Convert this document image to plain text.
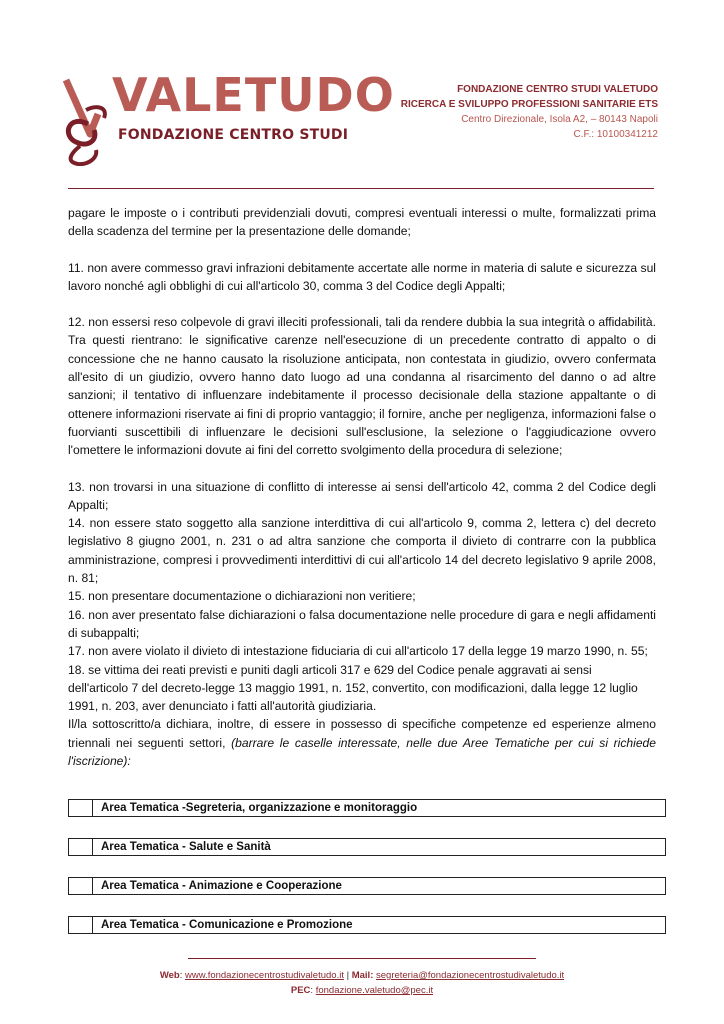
VALETUDO
FONDAZIONE CENTRO STUDI
FONDAZIONE CENTRO STUDI VALETUDO
RICERCA E SVILUPPO PROFESSIONI SANITARIE ETS
Centro Direzionale, Isola A2, – 80143 Napoli
C.F.: 10100341212

pagare le imposte o i contributi previdenziali dovuti, compresi eventuali interessi o multe, formalizzati prima della scadenza del termine per la presentazione delle domande;

11. non avere commesso gravi infrazioni debitamente accertate alle norme in materia di salute e sicurezza sul lavoro nonché agli obblighi di cui all'articolo 30, comma 3 del Codice degli Appalti;

12. non essersi reso colpevole di gravi illeciti professionali, tali da rendere dubbia la sua integrità o affidabilità. Tra questi rientrano: le significative carenze nell'esecuzione di un precedente contratto di appalto o di concessione che ne hanno causato la risoluzione anticipata, non contestata in giudizio, ovvero confermata all'esito di un giudizio, ovvero hanno dato luogo ad una condanna al risarcimento del danno o ad altre sanzioni; il tentativo di influenzare indebitamente il processo decisionale della stazione appaltante o di ottenere informazioni riservate ai fini di proprio vantaggio; il fornire, anche per negligenza, informazioni false o fuorvianti suscettibili di influenzare le decisioni sull'esclusione, la selezione o l'aggiudicazione ovvero l'omettere le informazioni dovute ai fini del corretto svolgimento della procedura di selezione;

13. non trovarsi in una situazione di conflitto di interesse ai sensi dell'articolo 42, comma 2 del Codice degli Appalti;

14. non essere stato soggetto alla sanzione interdittiva di cui all'articolo 9, comma 2, lettera c) del decreto legislativo 8 giugno 2001, n. 231 o ad altra sanzione che comporta il divieto di contrarre con la pubblica amministrazione, compresi i provvedimenti interdittivi di cui all'articolo 14 del decreto legislativo 9 aprile 2008, n. 81;

15. non presentare documentazione o dichiarazioni non veritiere;

16. non aver presentato false dichiarazioni o falsa documentazione nelle procedure di gara e negli affidamenti di subappalti;

17. non avere violato il divieto di intestazione fiduciaria di cui all'articolo 17 della legge 19 marzo 1990, n. 55;

18. se vittima dei reati previsti e puniti dagli articoli 317 e 629 del Codice penale aggravati ai sensi

dell'articolo 7 del decreto-legge 13 maggio 1991, n. 152, convertito, con modificazioni, dalla legge 12 luglio

1991, n. 203, aver denunciato i fatti all'autorità giudiziaria.

Il/la sottoscritto/a dichiara, inoltre, di essere in possesso di specifiche competenze ed esperienze almeno triennali nei seguenti settori, (barrare le caselle interessate, nelle due Aree Tematiche per cui si richiede l'iscrizione):

Area Tematica -Segreteria, organizzazione e monitoraggio
Area Tematica - Salute e Sanità
Area Tematica - Animazione e Cooperazione
Area Tematica - Comunicazione e Promozione
Web: www.fondazionecentrostudivaletudo.it | Mail: segreteria@fondazionecentrostudivaletudo.it
PEC: fondazione.valetudo@pec.it
